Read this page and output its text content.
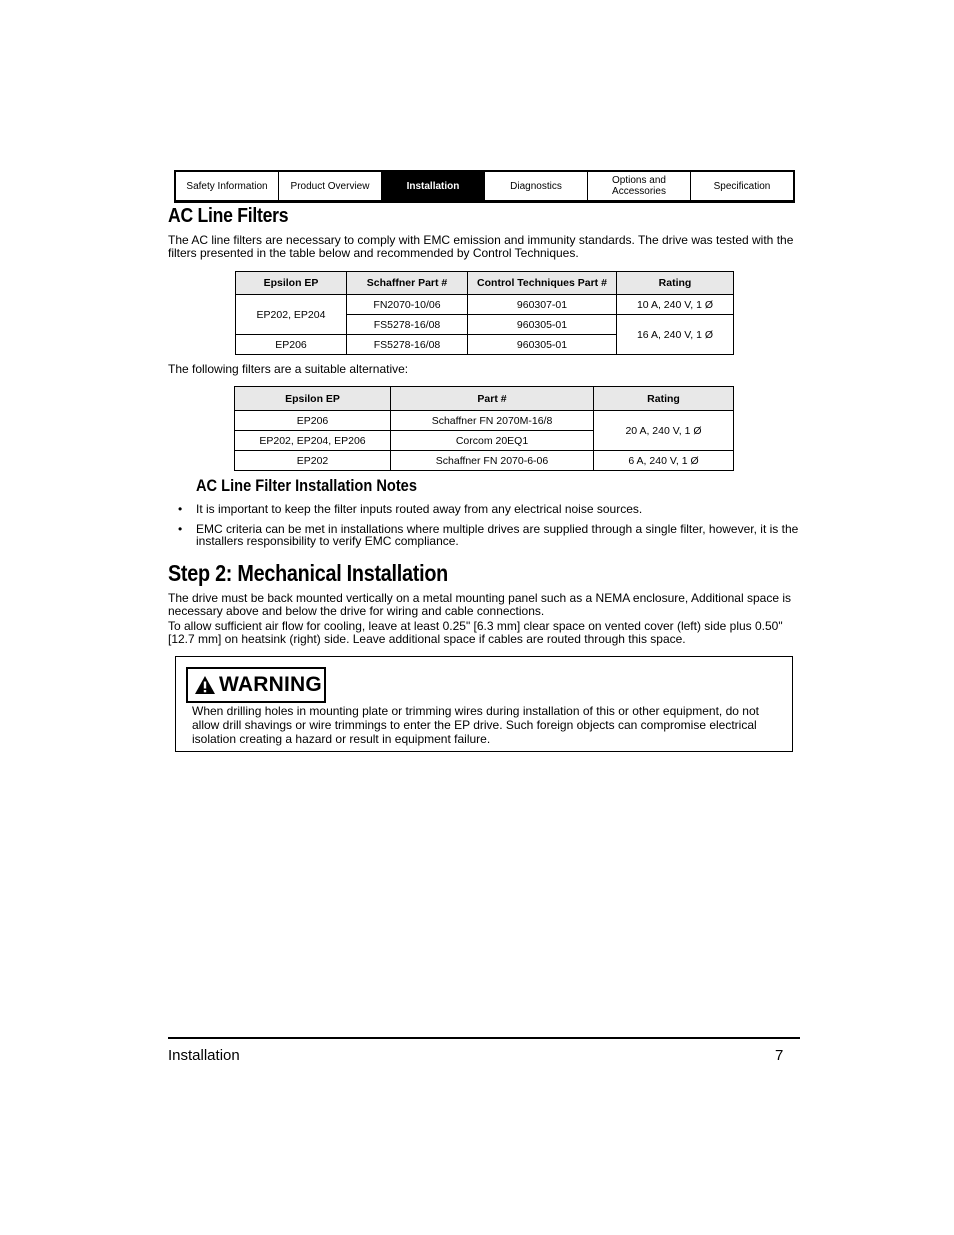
Safety Information	Product Overview	Installation	Diagnostics	Options and Accessories	Specification
AC Line Filters
The AC line filters are necessary to comply with EMC emission and immunity standards. The drive was tested with the filters presented in the table below and recommended by Control Techniques.
Epsilon EP	Schaffner Part #	Control Techniques Part #	Rating
EP202, EP204	FN2070-10/06	960307-01	10 A, 240 V, 1 Ø
	FS5278-16/08	960305-01	16 A, 240 V, 1 Ø
EP206	FS5278-16/08	960305-01	
The following filters are a suitable alternative:
Epsilon EP	Part #	Rating
EP206	Schaffner FN 2070M-16/8	20 A, 240 V, 1 Ø
EP202, EP204, EP206	Corcom 20EQ1	
EP202	Schaffner FN 2070-6-06	6 A, 240 V, 1 Ø
AC Line Filter Installation Notes
• It is important to keep the filter inputs routed away from any electrical noise sources.
• EMC criteria can be met in installations where multiple drives are supplied through a single filter, however, it is the installers responsibility to verify EMC compliance.
Step 2: Mechanical Installation
The drive must be back mounted vertically on a metal mounting panel such as a NEMA enclosure, Additional space is necessary above and below the drive for wiring and cable connections.
To allow sufficient air flow for cooling, leave at least 0.25" [6.3 mm] clear space on vented cover (left) side plus 0.50" [12.7 mm] on heatsink (right) side. Leave additional space if cables are routed through this space.
WARNING
When drilling holes in mounting plate or trimming wires during installation of this or other equipment, do not allow drill shavings or wire trimmings to enter the EP drive. Such foreign objects can compromise electrical isolation creating a hazard or result in equipment failure.
Installation	7
